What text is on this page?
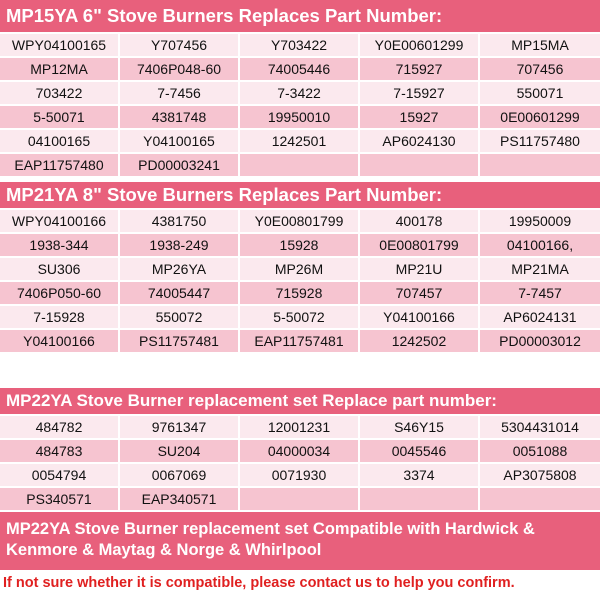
MP15YA 6" Stove Burners Replaces Part Number:
WPY04100165	Y707456	Y703422	Y0E00601299	MP15MA
MP12MA	7406P048-60	74005446	715927	707456
703422	7-7456	7-3422	7-15927	550071
5-50071	4381748	19950010	15927	0E00601299
04100165	Y04100165	1242501	AP6024130	PS11757480
EAP11757480	PD00003241
MP21YA 8" Stove Burners Replaces Part Number:
WPY04100166	4381750	Y0E00801799	400178	19950009
1938-344	1938-249	15928	0E00801799	04100166,
SU306	MP26YA	MP26M	MP21U	MP21MA
7406P050-60	74005447	715928	707457	7-7457
7-15928	550072	5-50072	Y04100166	AP6024131
Y04100166	PS11757481	EAP11757481	1242502	PD00003012
MP22YA Stove Burner replacement set Replace part number:
484782	9761347	12001231	S46Y15	5304431014
484783	SU204	04000034	0045546	0051088
0054794	0067069	0071930	3374	AP3075808
PS340571	EAP340571
MP22YA Stove Burner replacement set Compatible with Hardwick &
Kenmore & Maytag & Norge & Whirlpool
If not sure whether it is compatible, please contact us to help you confirm.
